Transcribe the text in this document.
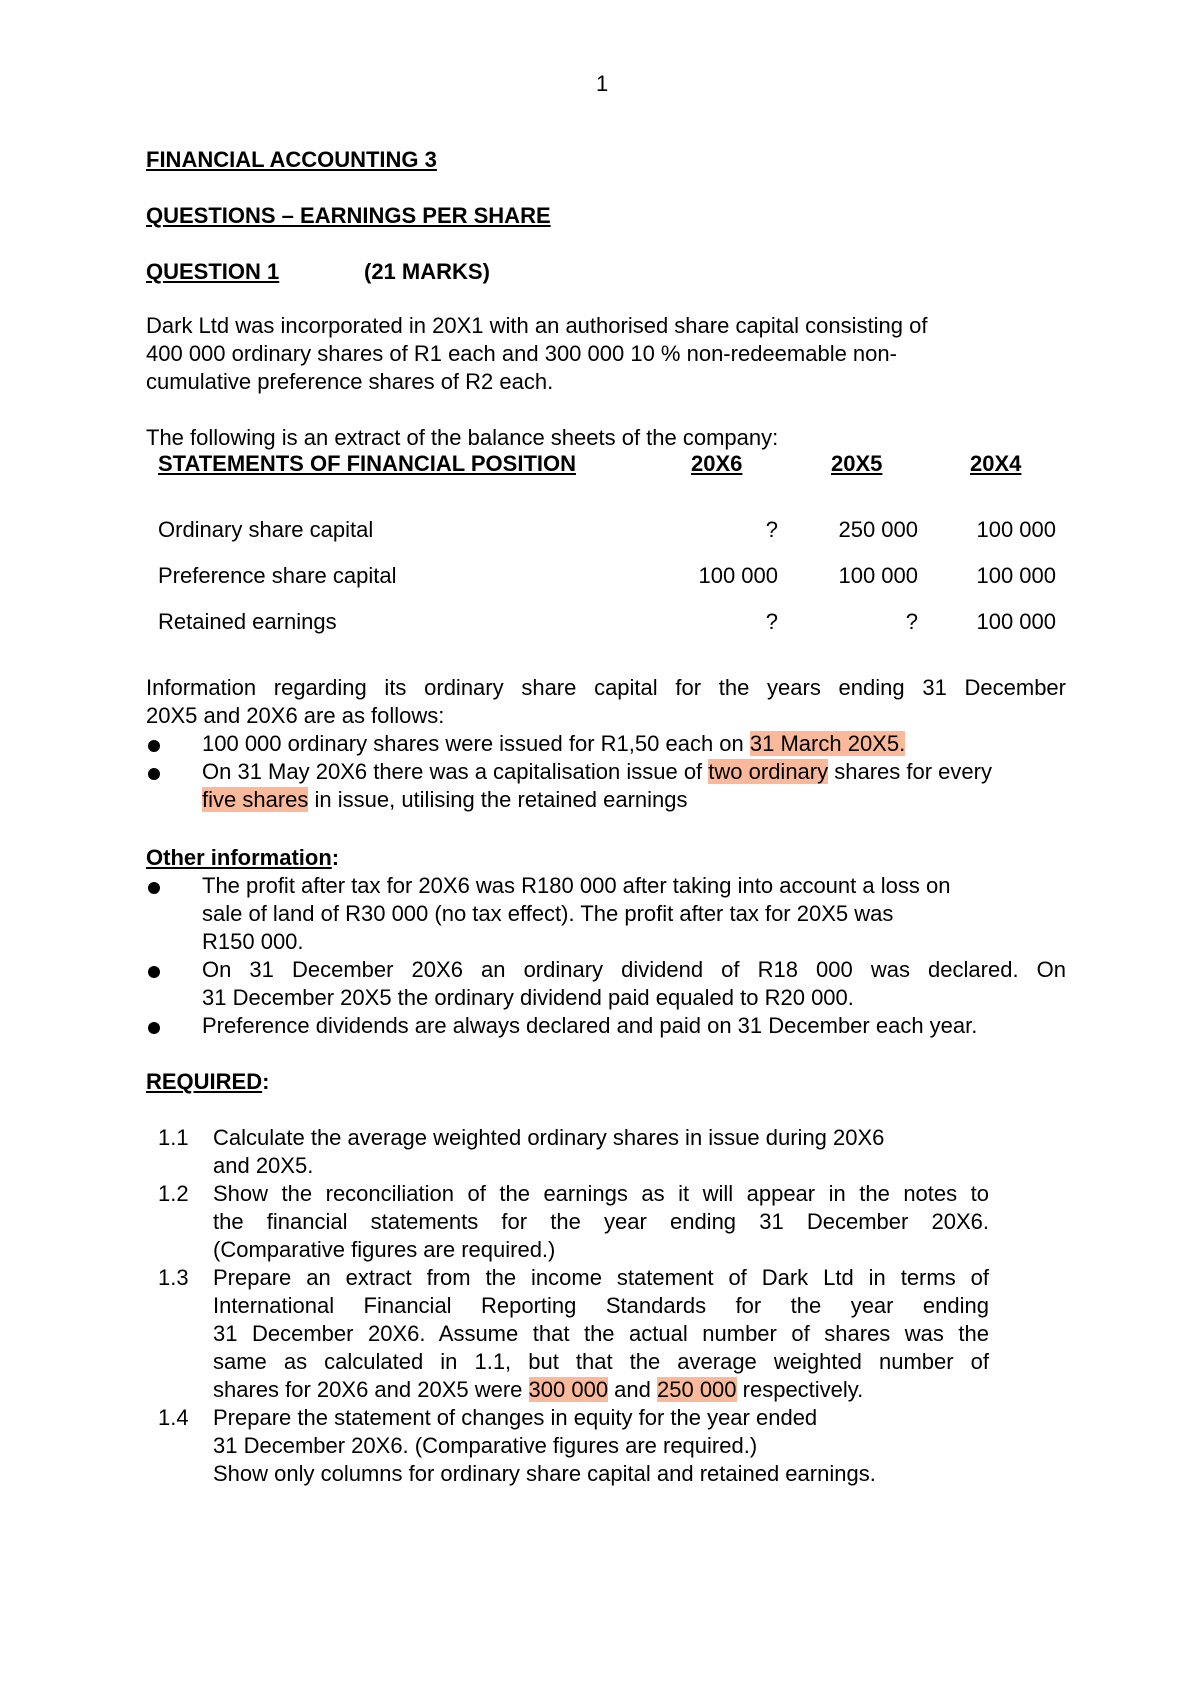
1
FINANCIAL ACCOUNTING 3
QUESTIONS – EARNINGS PER SHARE
QUESTION 1	(21 MARKS)
Dark Ltd was incorporated in 20X1 with an authorised share capital consisting of
400 000 ordinary shares of R1 each and 300 000 10 % non-redeemable non-
cumulative preference shares of R2 each.
The following is an extract of the balance sheets of the company:
STATEMENTS OF FINANCIAL POSITION	20X6	20X5	20X4
Ordinary share capital	?	250 000	100 000
Preference share capital	100 000	100 000	100 000
Retained earnings	?	?	100 000
Information regarding its ordinary share capital for the years ending 31 December
20X5 and 20X6 are as follows:
100 000 ordinary shares were issued for R1,50 each on 31 March 20X5.
On 31 May 20X6 there was a capitalisation issue of two ordinary shares for every
five shares in issue, utilising the retained earnings
Other information:
The profit after tax for 20X6 was R180 000 after taking into account a loss on
sale of land of R30 000 (no tax effect). The profit after tax for 20X5 was
R150 000.
On 31 December 20X6 an ordinary dividend of R18 000 was declared. On
31 December 20X5 the ordinary dividend paid equaled to R20 000.
Preference dividends are always declared and paid on 31 December each year.
REQUIRED:
1.1 Calculate the average weighted ordinary shares in issue during 20X6
and 20X5.
1.2 Show the reconciliation of the earnings as it will appear in the notes to
the financial statements for the year ending 31 December 20X6.
(Comparative figures are required.)
1.3 Prepare an extract from the income statement of Dark Ltd in terms of
International Financial Reporting Standards for the year ending
31 December 20X6. Assume that the actual number of shares was the
same as calculated in 1.1, but that the average weighted number of
shares for 20X6 and 20X5 were 300 000 and 250 000 respectively.
1.4 Prepare the statement of changes in equity for the year ended
31 December 20X6. (Comparative figures are required.)
Show only columns for ordinary share capital and retained earnings.
